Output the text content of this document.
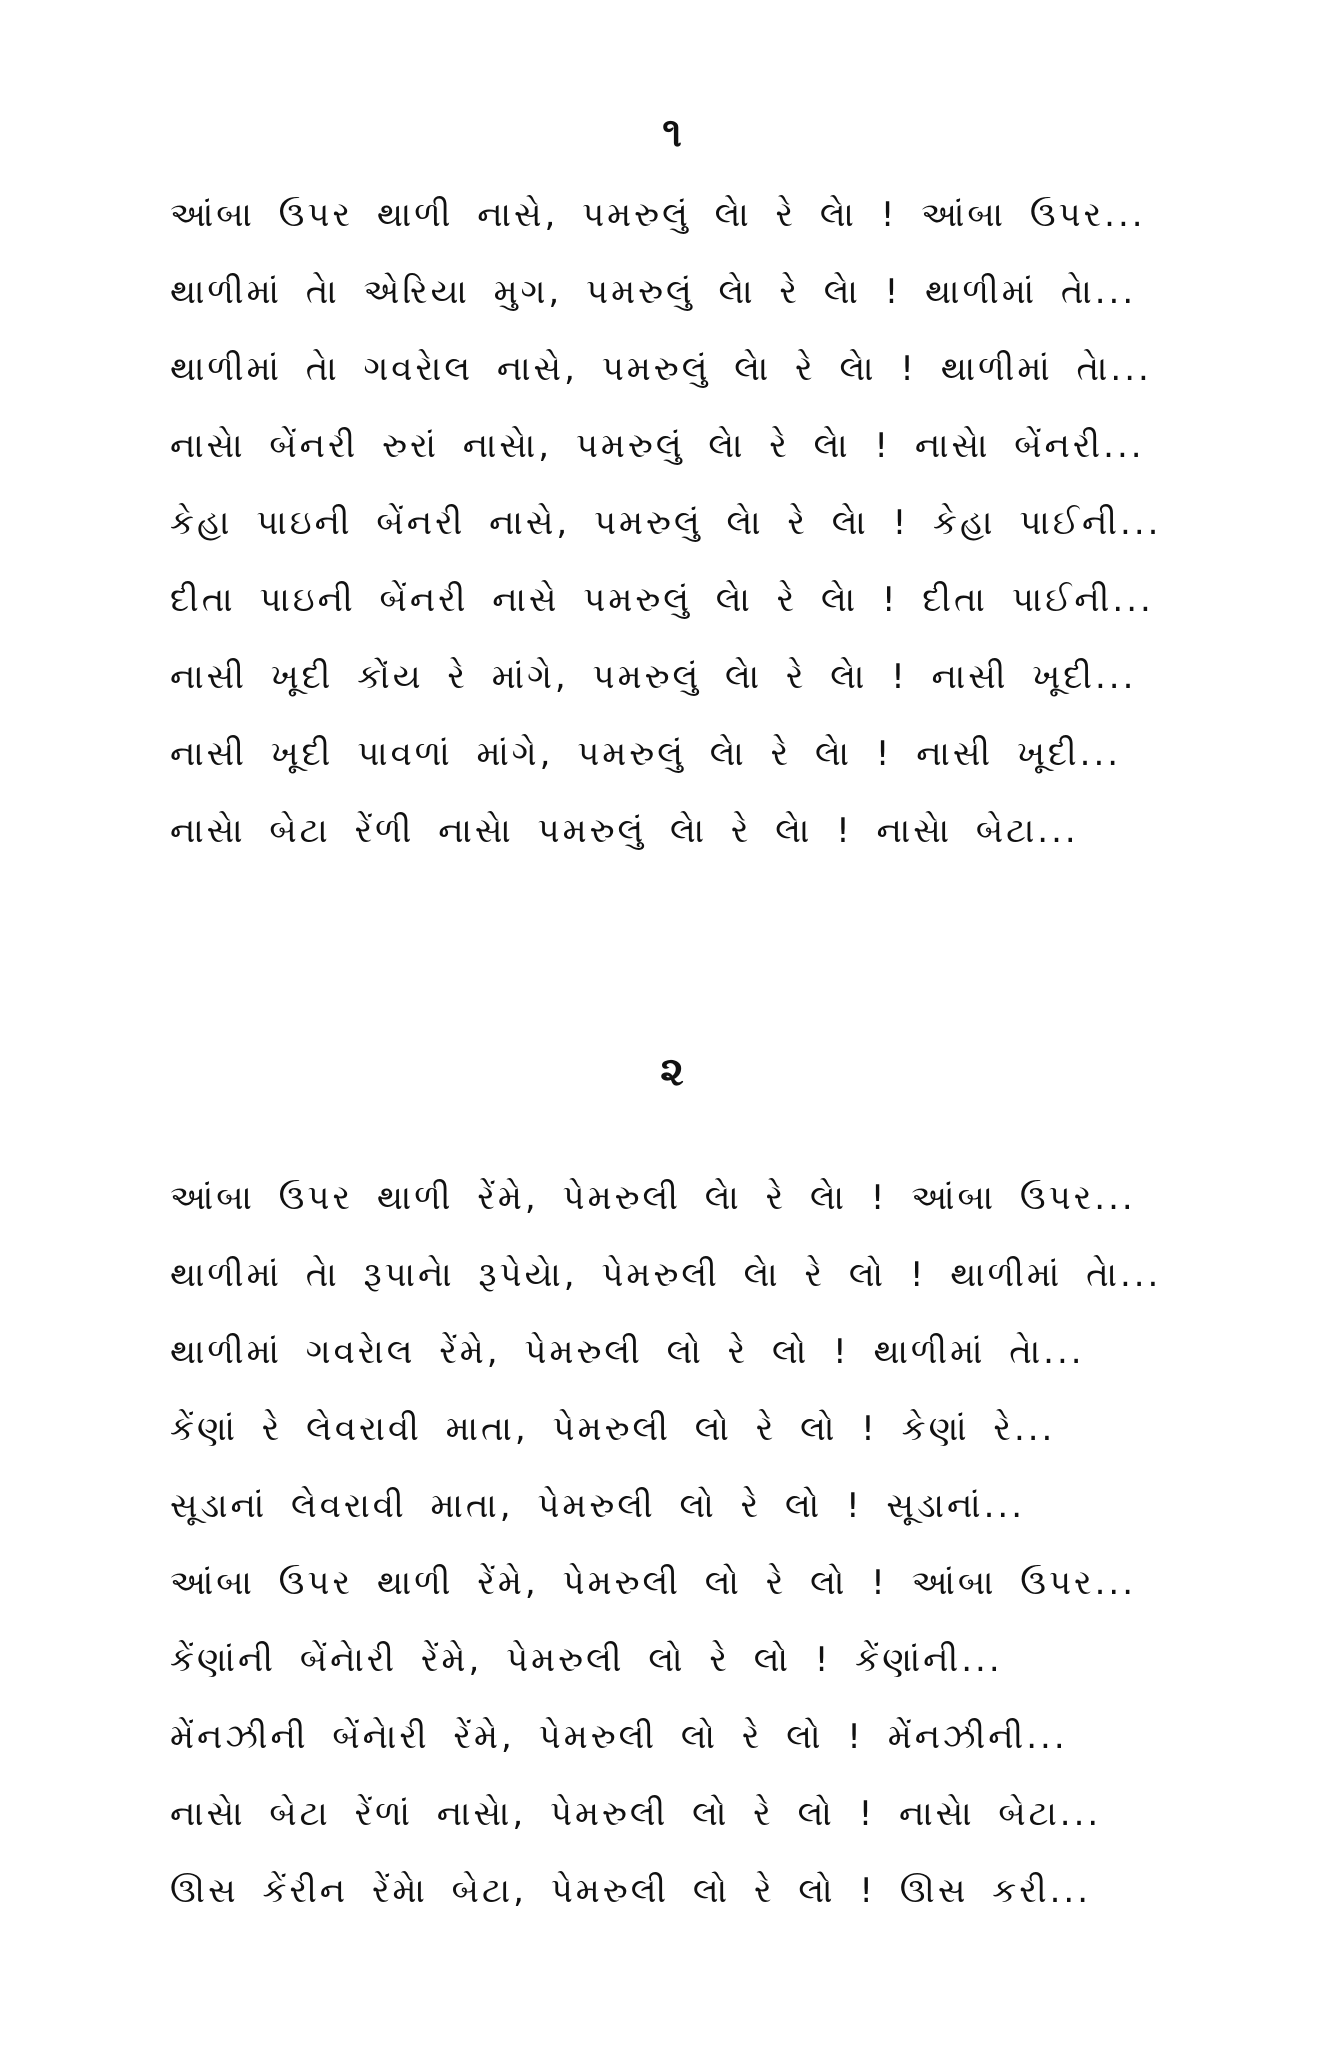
૧
આંબા ઉપર થાળી નાસે, પમરુલું લેા રે લેા ! આંબા ઉપર...
થાળીમાં તેા એરિયા મુગ, પમરુલું લેા રે લેા ! થાળીમાં તેા...
થાળીમાં તેા ગવરેાલ નાસે, પમરુલું લેા રે લેા ! થાળીમાં તેા...
નાસેા બેંનરી રુરાં નાસેા, પમરુલું લેા રે લેા ! નાસેા બેંનરી...
કેહા પાઇની બેંનરી નાસે, પમરુલું લેા રે લેા ! કેહા પાઈની...
દીતા પાઇની બેંનરી નાસે પમરુલું લેા રે લેા ! દીતા પાઈની...
નાસી ખૂદી કોંય રે માંગે, પમરુલું લેા રે લેા ! નાસી ખૂદી...
નાસી ખૂદી પાવળાં માંગે, પમરુલું લેા રે લેા ! નાસી ખૂદી...
નાસેા બેટા રેંળી નાસેા પમરુલું લેા રે લેા ! નાસેા બેટા...
૨
આંબા ઉપર થાળી રેંમે, પેમરુલી લેા રે લેા ! આંબા ઉપર...
થાળીમાં તેા રૂપાનેા રૂપેયેા, પેમરુલી લેા રે લો ! થાળીમાં તેા...
થાળીમાં ગવરેાલ રેંમે, પેમરુલી લો રે લો ! થાળીમાં તેા...
કેંણાં રે લેવરાવી માતા, પેમરુલી લો રે લો ! કેણાં રે...
સૂડાનાં લેવરાવી માતા, પેમરુલી લો રે લો ! સૂડાનાં...
આંબા ઉપર થાળી રેંમે, પેમરુલી લો રે લો ! આંબા ઉપર...
કેંણાંની બેંનેારી રેંમે, પેમરુલી લો રે લો ! કેંણાંની...
મેંનઝીની બેંનેારી રેંમે, પેમરુલી લો રે લો ! મેંનઝીની...
નાસેા બેટા રેંળાં નાસેા, પેમરુલી લો રે લો ! નાસેા બેટા...
ઊસ કેંરીન રેંમેા બેટા, પેમરુલી લો રે લો ! ઊસ કરી...
